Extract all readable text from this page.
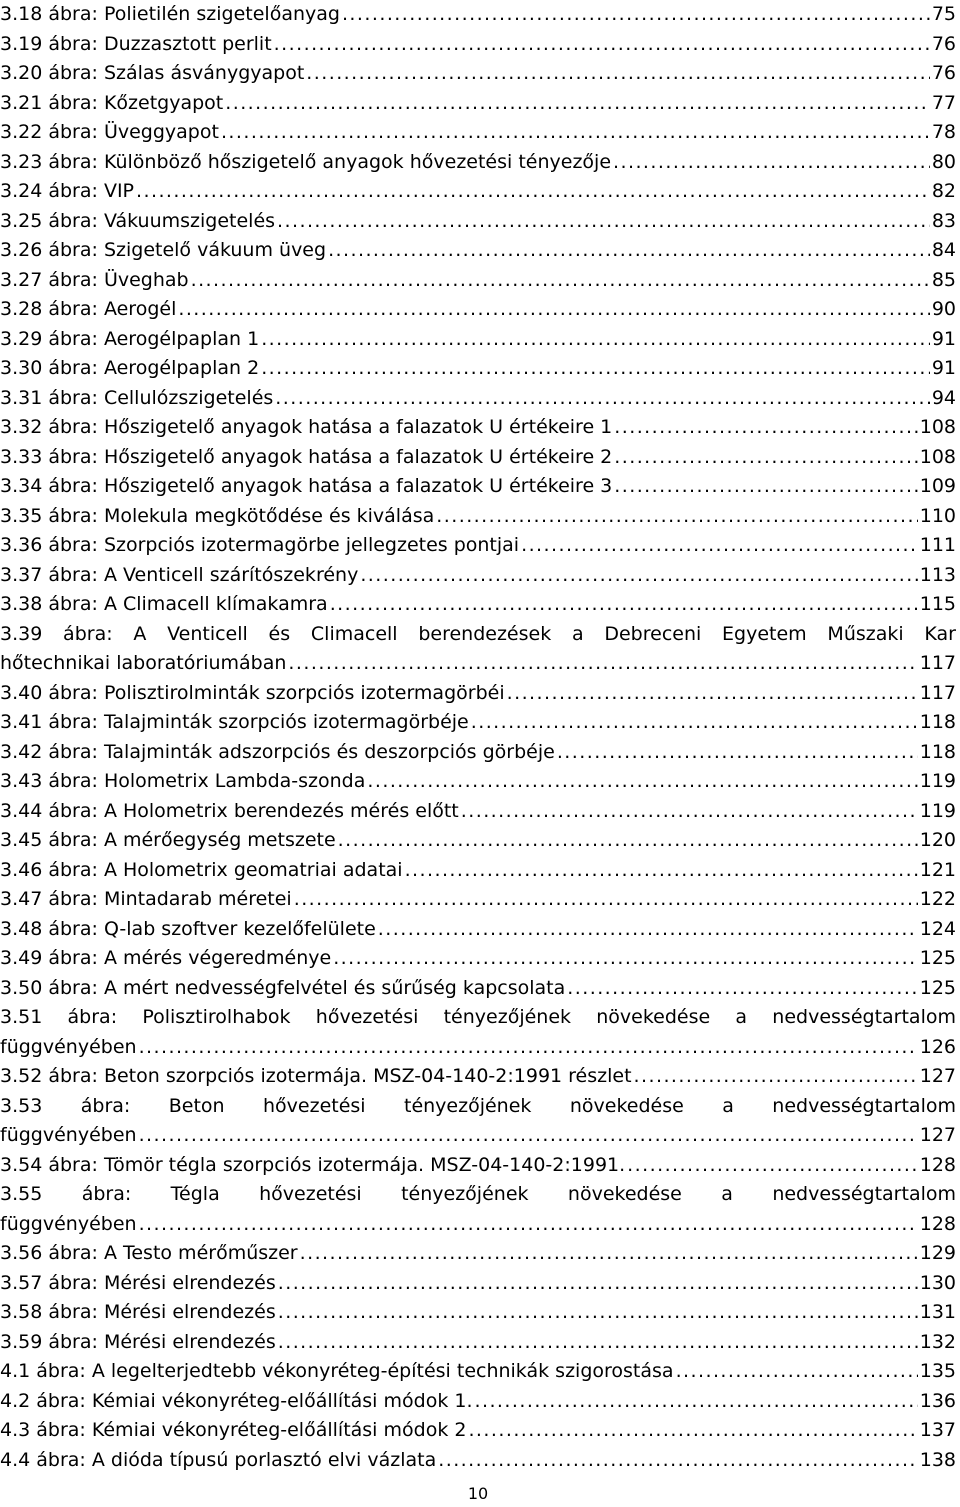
3.18 ábra: Polietilén szigetelőanyag . . .	75
3.19 ábra: Duzzasztott perlit . . .	76
3.20 ábra: Szálas ásványgyapot . . .	76
3.21 ábra: Kőzetgyapot . . .	77
3.22 ábra: Üveggyapot . . .	78
3.23 ábra: Különböző hőszigetelő anyagok hővezetési tényezője . . .	80
3.24 ábra: VIP . . .	82
3.25 ábra: Vákuumszigetelés . . .	83
3.26 ábra: Szigetelő vákuum üveg . . .	84
3.27 ábra: Üveghab . . .	85
3.28 ábra: Aerogél . . .	90
3.29 ábra: Aerogélpaplan 1 . . .	91
3.30 ábra: Aerogélpaplan 2 . . .	91
3.31 ábra: Cellulózszigetelés . . .	94
3.32 ábra: Hőszigetelő anyagok hatása a falazatok U értékeire 1 . . .	108
3.33 ábra: Hőszigetelő anyagok hatása a falazatok U értékeire 2 . . .	108
3.34 ábra: Hőszigetelő anyagok hatása a falazatok U értékeire 3 . . .	109
3.35 ábra: Molekula megkötődése és kiválása . . .	110
3.36 ábra: Szorpciós izotermagörbe jellegzetes pontjai . . .	111
3.37 ábra: A Venticell szárítószekrény . . .	113
3.38 ábra: A Climacell klímakamra . . .	115
3.39 ábra: A Venticell és Climacell berendezések a Debreceni Egyetem Műszaki Kar
hőtechnikai laboratóriumában . . .	117
3.40 ábra: Polisztirolminták szorpciós izotermagörbéi . . .	117
3.41 ábra: Talajminták szorpciós izotermagörbéje . . .	118
3.42 ábra: Talajminták adszorpciós és deszorpciós görbéje . . .	118
3.43 ábra: Holometrix Lambda-szonda . . .	119
3.44 ábra: A Holometrix berendezés mérés előtt . . .	119
3.45 ábra: A mérőegység metszete . . .	120
3.46 ábra: A Holometrix geomatriai adatai . . .	121
3.47 ábra: Mintadarab méretei . . .	122
3.48 ábra: Q-lab szoftver kezelőfelülete . . .	124
3.49 ábra: A mérés végeredménye . . .	125
3.50 ábra: A mért nedvességfelvétel és sűrűség kapcsolata . . .	125
3.51 ábra: Polisztirolhabok hővezetési tényezőjének növekedése a nedvességtartalom
függvényében . . .	126
3.52 ábra: Beton szorpciós izotermája. MSZ-04-140-2:1991 részlet . . .	127
3.53 ábra: Beton hővezetési tényezőjének növekedése a nedvességtartalom
függvényében . . .	127
3.54 ábra: Tömör tégla szorpciós izotermája. MSZ-04-140-2:1991. . . .	128
3.55 ábra: Tégla hővezetési tényezőjének növekedése a nedvességtartalom
függvényében . . .	128
3.56 ábra: A Testo mérőműszer . . .	129
3.57 ábra: Mérési elrendezés . . .	130
3.58 ábra: Mérési elrendezés . . .	131
3.59 ábra: Mérési elrendezés . . .	132
4.1 ábra: A legelterjedtebb vékonyréteg-építési technikák szigorostása . . .	135
4.2 ábra: Kémiai vékonyréteg-előállítási módok 1. . . .	136
4.3 ábra: Kémiai vékonyréteg-előállítási módok 2 . . .	137
4.4 ábra: A dióda típusú porlasztó elvi vázlata . . .	138
10
